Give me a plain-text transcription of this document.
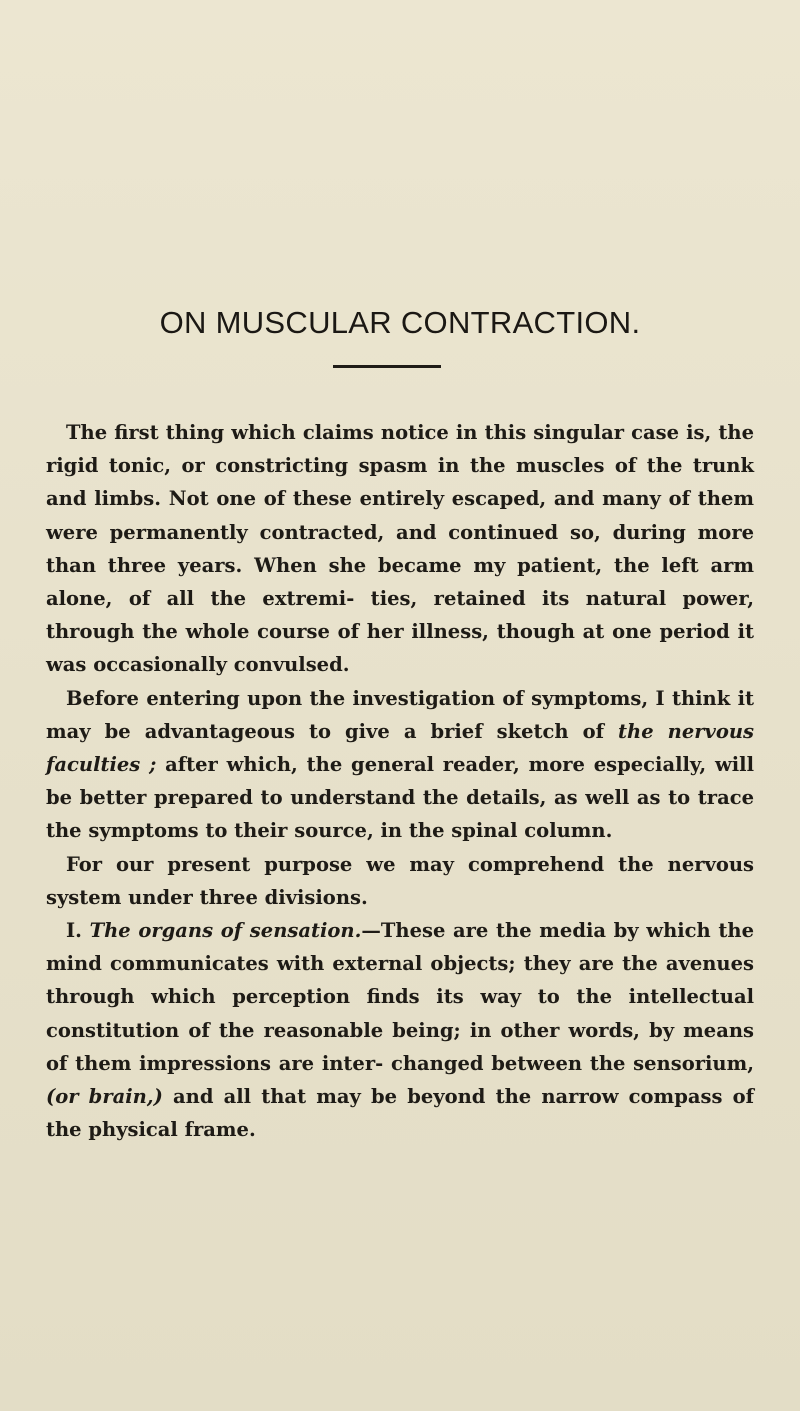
ON MUSCULAR CONTRACTION.

The first thing which claims notice in this singular case is, the rigid tonic, or constricting spasm in the muscles of the trunk and limbs. Not one of these entirely escaped, and many of them were permanently contracted, and continued so, during more than three years. When she became my patient, the left arm alone, of all the extremi- ties, retained its natural power, through the whole course of her illness, though at one period it was occasionally convulsed.

Before entering upon the investigation of symptoms, I think it may be advantageous to give a brief sketch of the nervous faculties ; after which, the general reader, more especially, will be better prepared to understand the details, as well as to trace the symptoms to their source, in the spinal column.

For our present purpose we may comprehend the nervous system under three divisions.

I. The organs of sensation.—These are the media by which the mind communicates with external objects; they are the avenues through which perception finds its way to the intellectual constitution of the reasonable being; in other words, by means of them impressions are inter- changed between the sensorium, (or brain,) and all that may be beyond the narrow compass of the physical frame.
